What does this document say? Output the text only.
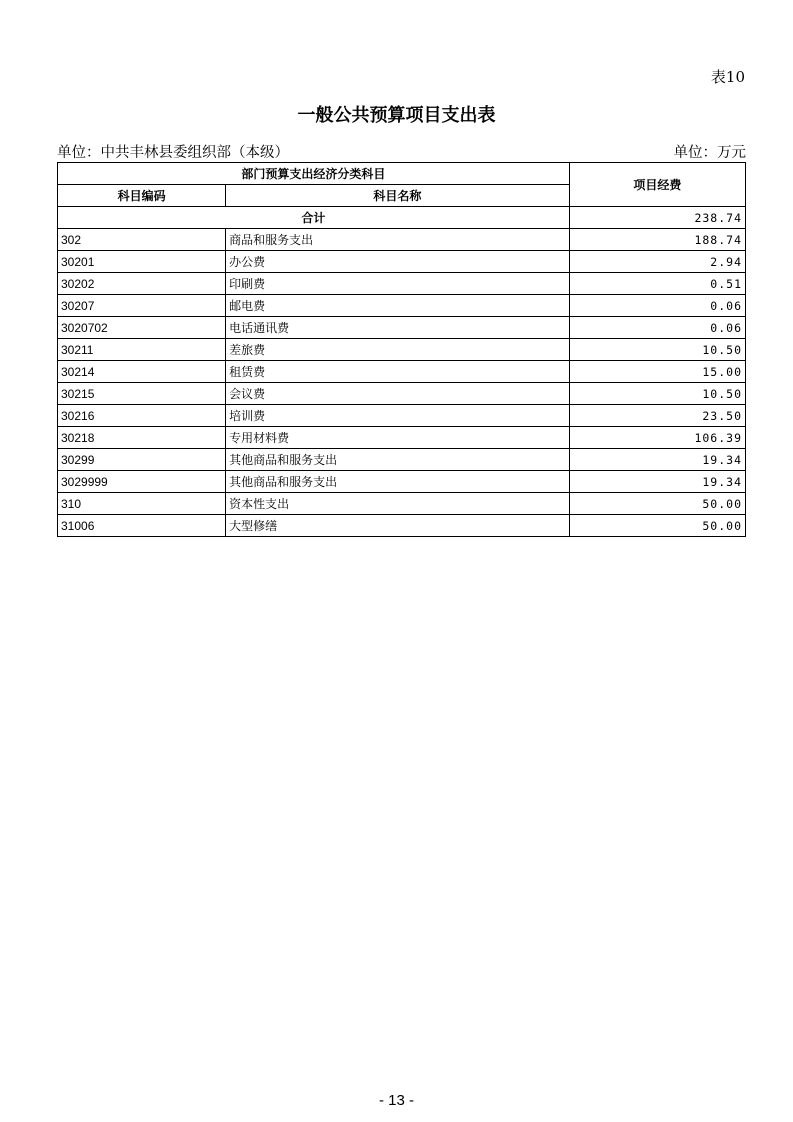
表10
一般公共预算项目支出表
单位：中共丰林县委组织部（本级）	单位：万元
部门预算支出经济分类科目		项目经费
科目编码	科目名称	
合计		238.74
302	商品和服务支出	188.74
30201	办公费	2.94
30202	印刷费	0.51
30207	邮电费	0.06
3020702	电话通讯费	0.06
30211	差旅费	10.50
30214	租赁费	15.00
30215	会议费	10.50
30216	培训费	23.50
30218	专用材料费	106.39
30299	其他商品和服务支出	19.34
3029999	其他商品和服务支出	19.34
310	资本性支出	50.00
31006	大型修缮	50.00
- 13 -
